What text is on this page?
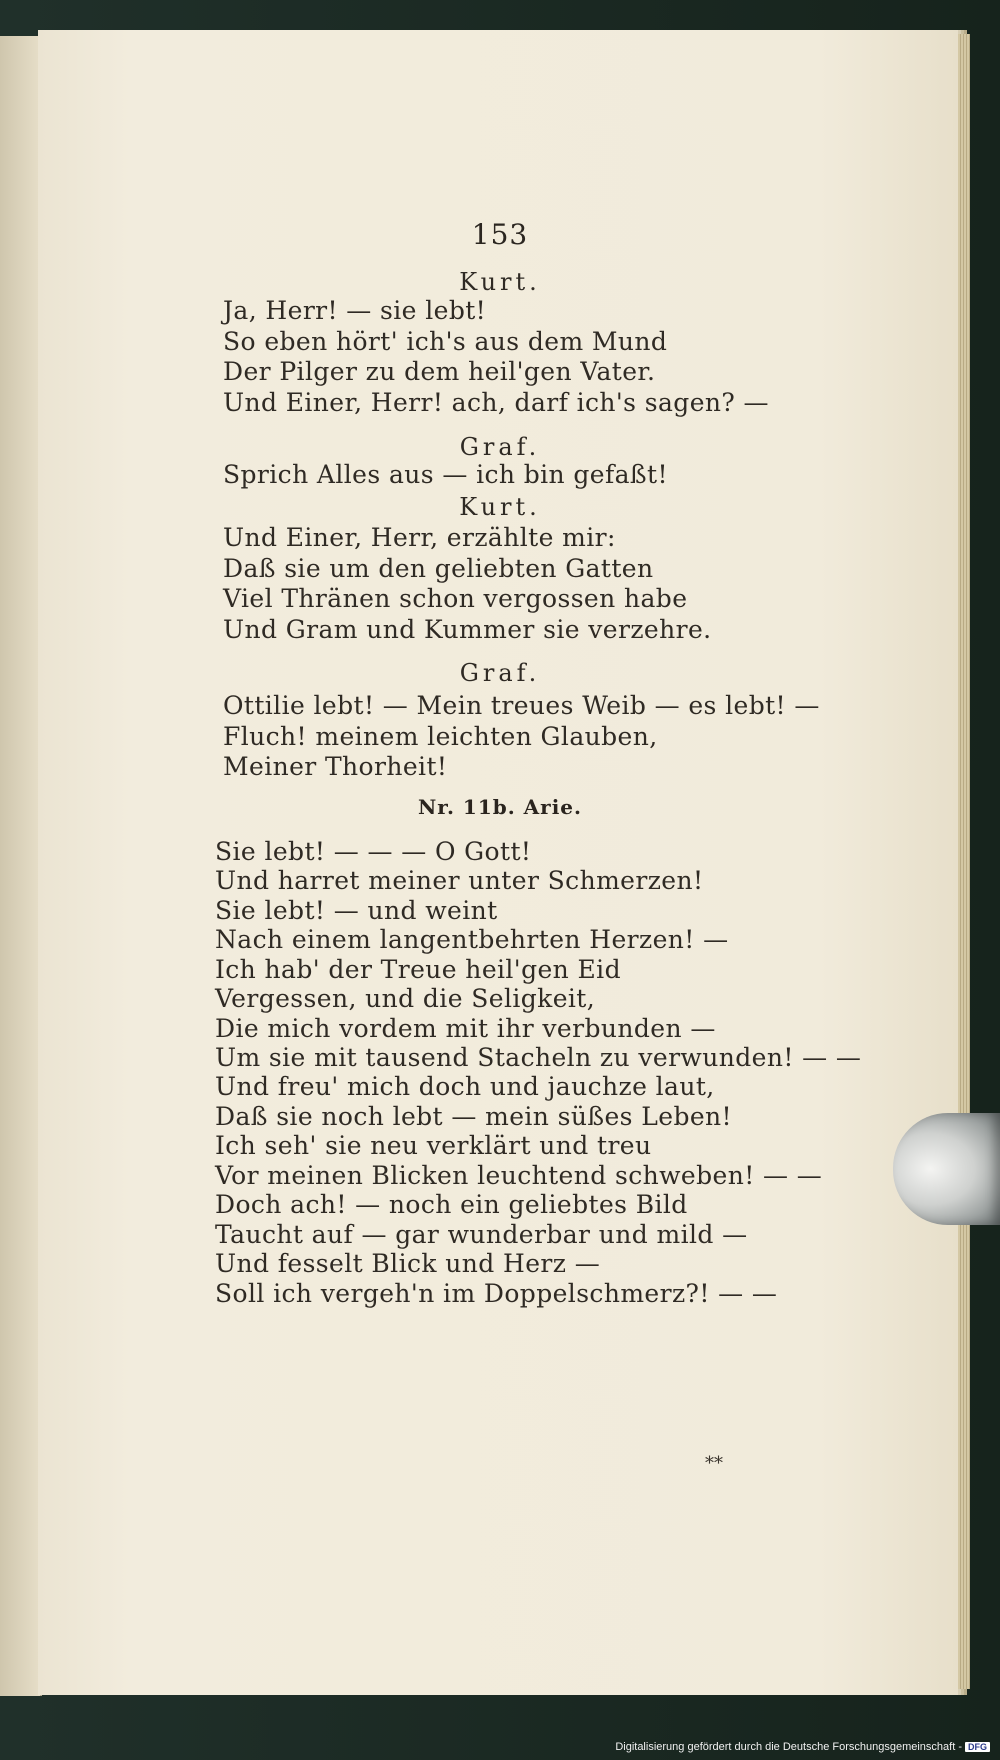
153
Kurt.
Ja, Herr! — sie lebt!
So eben hört' ich's aus dem Mund
Der Pilger zu dem heil'gen Vater.
Und Einer, Herr! ach, darf ich's sagen? —
Graf.
Sprich Alles aus — ich bin gefaßt!
Kurt.
Und Einer, Herr, erzählte mir:
Daß sie um den geliebten Gatten
Viel Thränen schon vergossen habe
Und Gram und Kummer sie verzehre.
Graf.
Ottilie lebt! — Mein treues Weib — es lebt! —
Fluch! meinem leichten Glauben,
Meiner Thorheit!
Nr. 11b. Arie.
Sie lebt! — — — O Gott!
Und harret meiner unter Schmerzen!
Sie lebt! — und weint
Nach einem langentbehrten Herzen! —
Ich hab' der Treue heil'gen Eid
Vergessen, und die Seligkeit,
Die mich vordem mit ihr verbunden —
Um sie mit tausend Stacheln zu verwunden! — —
Und freu' mich doch und jauchze laut,
Daß sie noch lebt — mein süßes Leben!
Ich seh' sie neu verklärt und treu
Vor meinen Blicken leuchtend schweben! — —
Doch ach! — noch ein geliebtes Bild
Taucht auf — gar wunderbar und mild —
Und fesselt Blick und Herz —
Soll ich vergeh'n im Doppelschmerz?! — —
**
Digitalisierung gefördert durch die Deutsche Forschungsgemeinschaft - DFG
